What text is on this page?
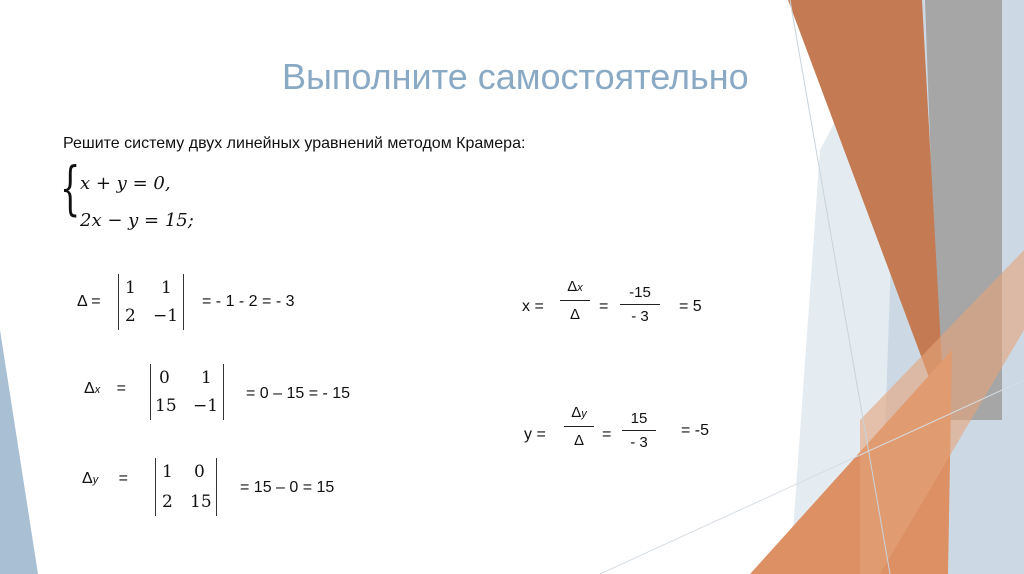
Выполните самостоятельно
Решите систему двух линейных уравнений методом Крамера:
{ x + y = 0,
2x − y = 15;
Δ =
1 1
2 −1
= - 1 - 2 = - 3
Δx =
0 1
15 −1
= 0 – 15 = - 15
Δy = 1 0
2 15
= 15 – 0 = 15
x =
Δx
Δ	=
-15
- 3
= 5
y =
Δy
Δ	=
15
- 3
= -5
